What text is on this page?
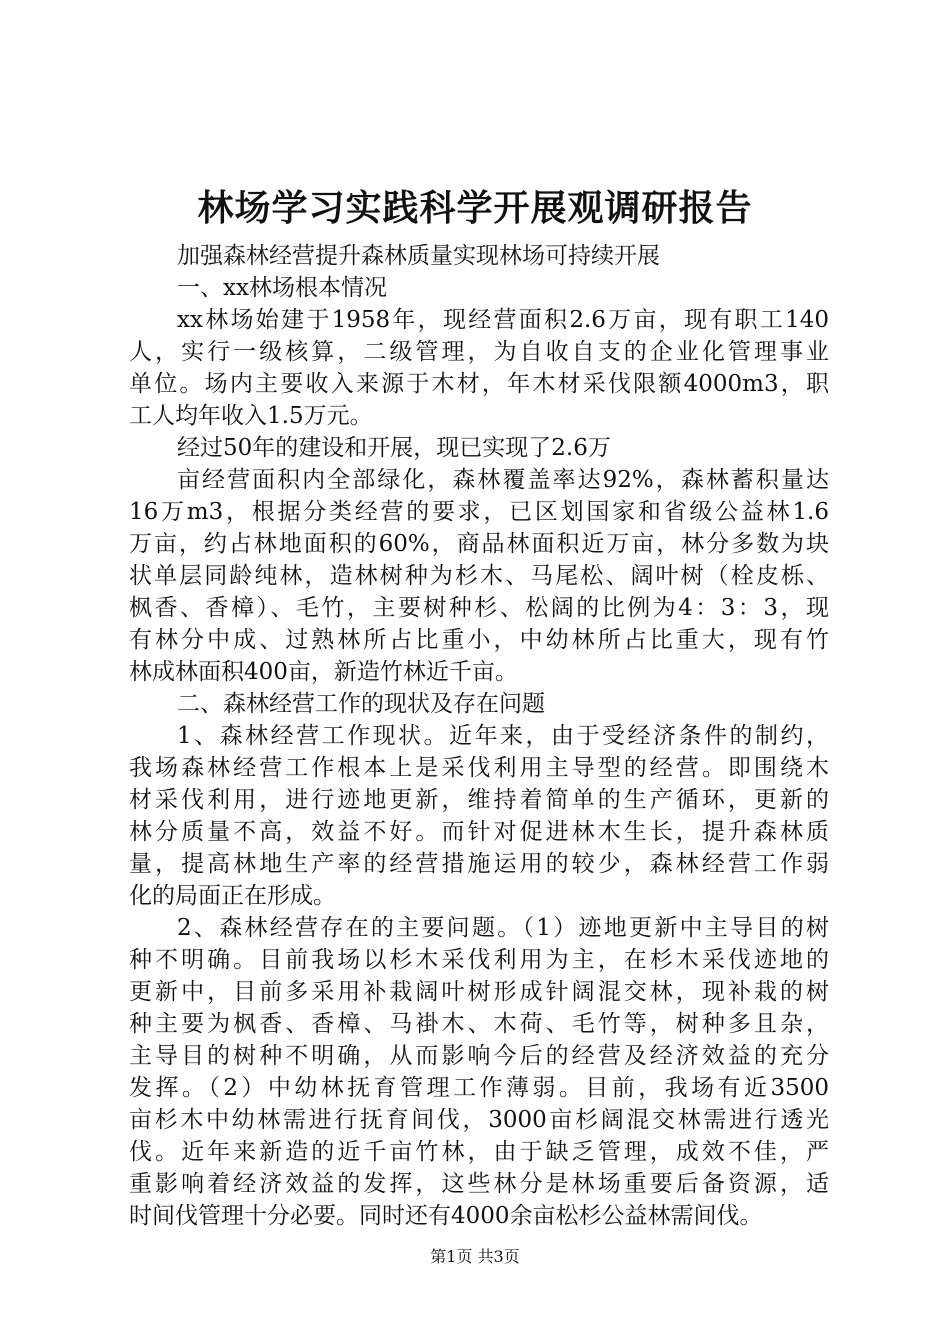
林场学习实践科学开展观调研报告
加强森林经营提升森林质量实现林场可持续开展
一、xx林场根本情况
xx林场始建于1958年，现经营面积2.6万亩，现有职工140
人，实行一级核算，二级管理，为自收自支的企业化管理事业
单位。场内主要收入来源于木材，年木材采伐限额4000m3，职
工人均年收入1.5万元。
经过50年的建设和开展，现已实现了2.6万
亩经营面积内全部绿化，森林覆盖率达92%，森林蓄积量达
16万m3，根据分类经营的要求，已区划国家和省级公益林1.6
万亩，约占林地面积的60%，商品林面积近万亩，林分多数为块
状单层同龄纯林，造林树种为杉木、马尾松、阔叶树（栓皮栎、
枫香、香樟）、毛竹，主要树种杉、松阔的比例为4：3：3，现
有林分中成、过熟林所占比重小，中幼林所占比重大，现有竹
林成林面积400亩，新造竹林近千亩。
二、森林经营工作的现状及存在问题
1、森林经营工作现状。近年来，由于受经济条件的制约，
我场森林经营工作根本上是采伐利用主导型的经营。即围绕木
材采伐利用，进行迹地更新，维持着简单的生产循环，更新的
林分质量不高，效益不好。而针对促进林木生长，提升森林质
量，提高林地生产率的经营措施运用的较少，森林经营工作弱
化的局面正在形成。
2、森林经营存在的主要问题。（1）迹地更新中主导目的树
种不明确。目前我场以杉木采伐利用为主，在杉木采伐迹地的
更新中，目前多采用补栽阔叶树形成针阔混交林，现补栽的树
种主要为枫香、香樟、马褂木、木荷、毛竹等，树种多且杂，
主导目的树种不明确，从而影响今后的经营及经济效益的充分
发挥。（2）中幼林抚育管理工作薄弱。目前，我场有近3500
亩杉木中幼林需进行抚育间伐，3000亩杉阔混交林需进行透光
伐。近年来新造的近千亩竹林，由于缺乏管理，成效不佳，严
重影响着经济效益的发挥，这些林分是林场重要后备资源，适
时间伐管理十分必要。同时还有4000余亩松杉公益林需间伐。
第1页 共3页
